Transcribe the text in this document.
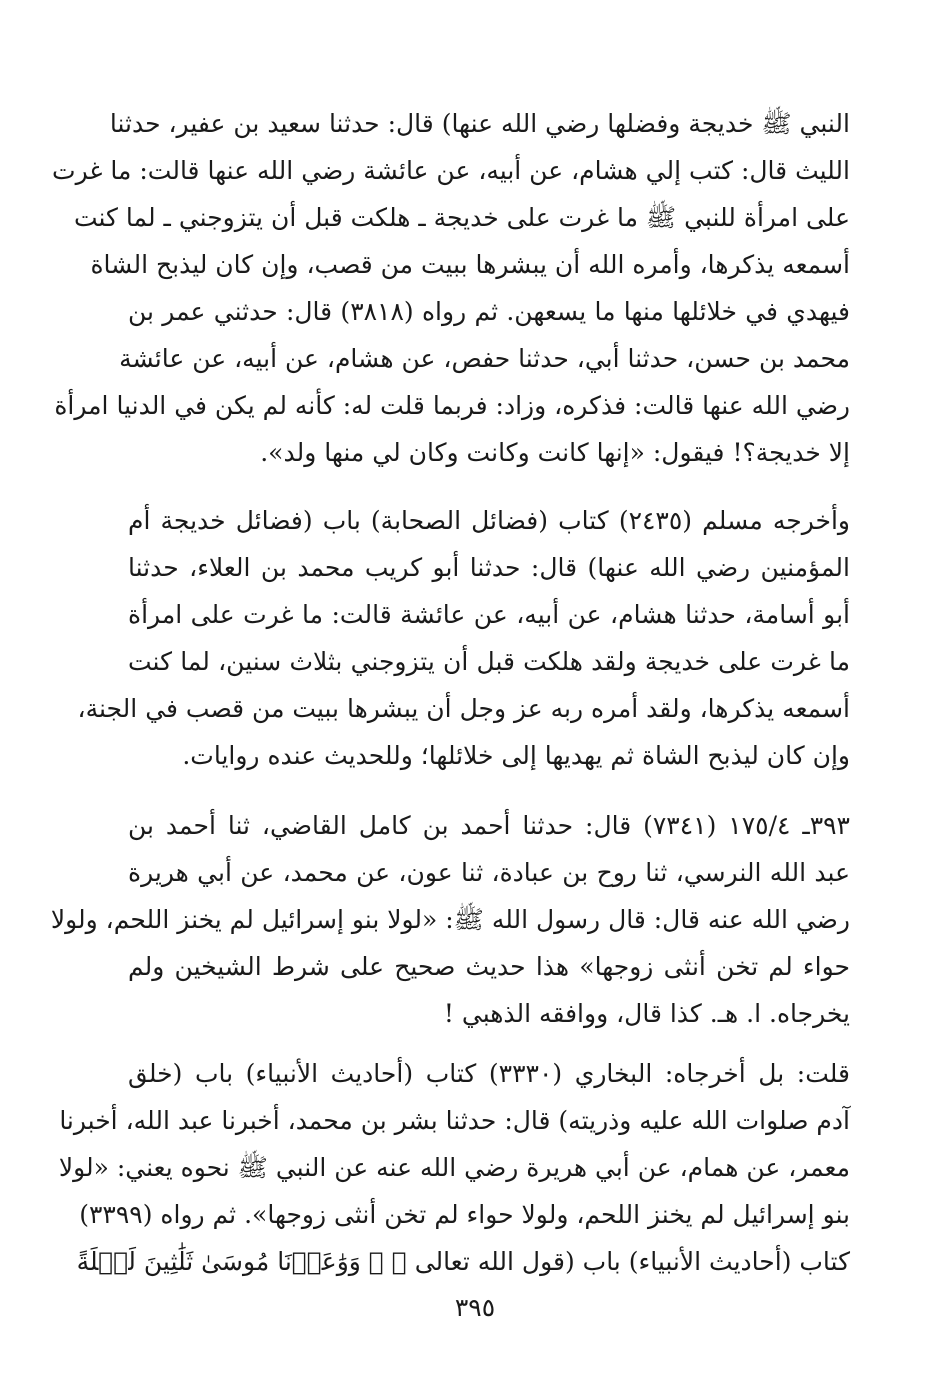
النبي ﷺ خديجة وفضلها رضي الله عنها) قال: حدثنا سعيد بن عفير، حدثنا
الليث قال: كتب إلي هشام، عن أبيه، عن عائشة رضي الله عنها قالت: ما غرت
على امرأة للنبي ﷺ ما غرت على خديجة ـ هلكت قبل أن يتزوجني ـ لما كنت
أسمعه يذكرها، وأمره الله أن يبشرها ببيت من قصب، وإن كان ليذبح الشاة
فيهدي في خلائلها منها ما يسعهن. ثم رواه (٣٨١٨) قال: حدثني عمر بن
محمد بن حسن، حدثنا أبي، حدثنا حفص، عن هشام، عن أبيه، عن عائشة
رضي الله عنها قالت: فذكره، وزاد: فربما قلت له: كأنه لم يكن في الدنيا امرأة
إلا خديجة؟! فيقول: «إنها كانت وكانت وكان لي منها ولد».
وأخرجه مسلم (٢٤٣٥) كتاب (فضائل الصحابة) باب (فضائل خديجة أم
المؤمنين رضي الله عنها) قال: حدثنا أبو كريب محمد بن العلاء، حدثنا
أبو أسامة، حدثنا هشام، عن أبيه، عن عائشة قالت: ما غرت على امرأة
ما غرت على خديجة ولقد هلكت قبل أن يتزوجني بثلاث سنين، لما كنت
أسمعه يذكرها، ولقد أمره ربه عز وجل أن يبشرها ببيت من قصب في الجنة،
وإن كان ليذبح الشاة ثم يهديها إلى خلائلها؛ وللحديث عنده روايات.
٣٩٣ـ ١٧٥/٤ (٧٣٤١) قال: حدثنا أحمد بن كامل القاضي، ثنا أحمد بن
عبد الله النرسي، ثنا روح بن عبادة، ثنا عون، عن محمد، عن أبي هريرة
رضي الله عنه قال: قال رسول الله ﷺ: «لولا بنو إسرائيل لم يخنز اللحم، ولولا
حواء لم تخن أنثى زوجها» هذا حديث صحيح على شرط الشيخين ولم
يخرجاه. ا. هـ. كذا قال، ووافقه الذهبي !
قلت: بل أخرجاه: البخاري (٣٣٣٠) كتاب (أحاديث الأنبياء) باب (خلق
آدم صلوات الله عليه وذريته) قال: حدثنا بشر بن محمد، أخبرنا عبد الله، أخبرنا
معمر، عن همام، عن أبي هريرة رضي الله عنه عن النبي ﷺ نحوه يعني: «لولا
بنو إسرائيل لم يخنز اللحم، ولولا حواء لم تخن أنثى زوجها». ثم رواه (٣٣٩٩)
كتاب (أحاديث الأنبياء) باب (قول الله تعالى ﴿ ۞ وَوَٰعَدۡنَا مُوسَىٰ ثَلَٰثِينَ لَيۡلَةً
٣٩٥
